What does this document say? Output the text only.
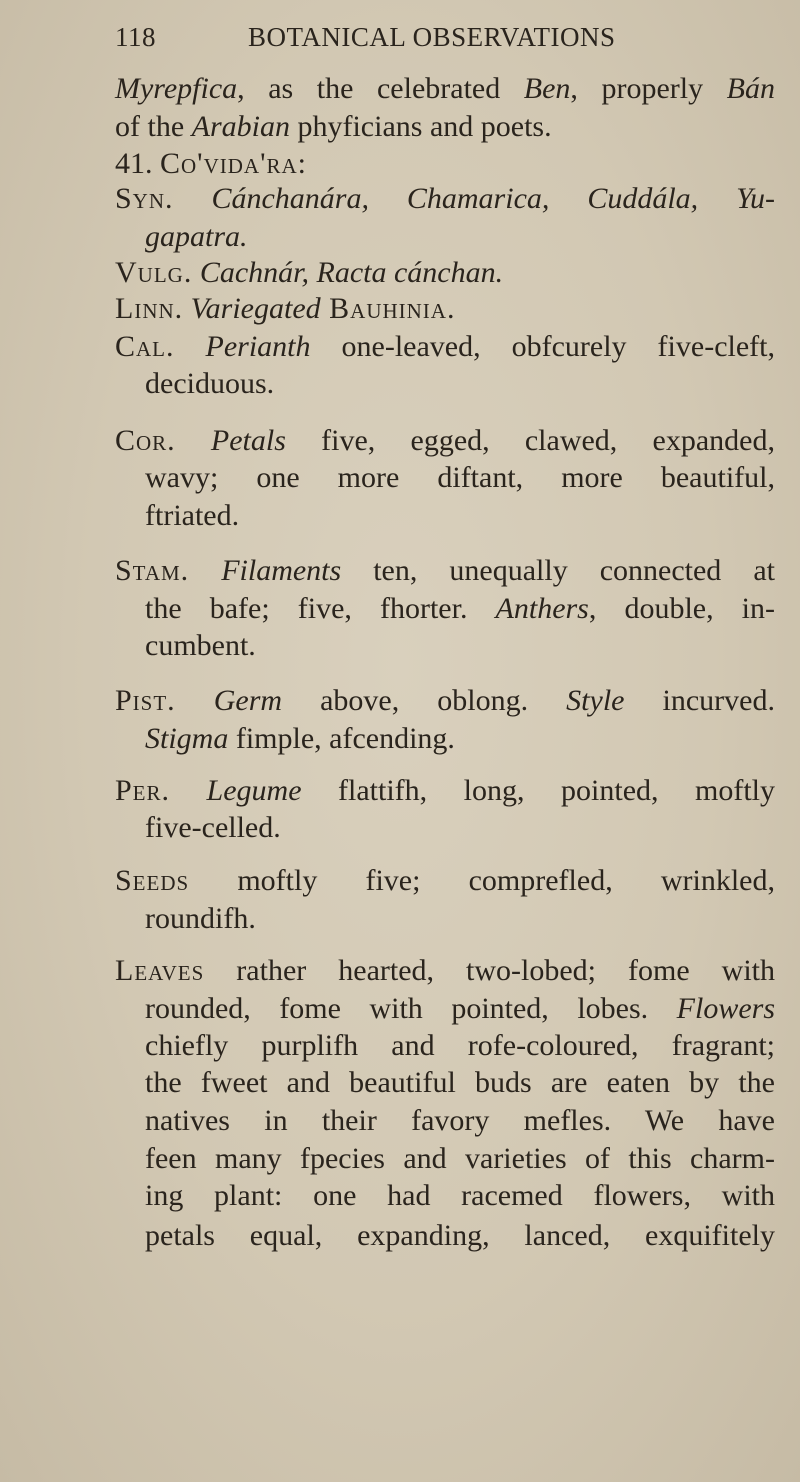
118	BOTANICAL OBSERVATIONS
Myrepfica, as the celebrated Ben, properly Bán
of the Arabian phyficians and poets.
41. Co'vida'ra:
Syn. Cánchanára, Chamarica, Cuddála, Yu-
gapatra.
Vulg. Cachnár, Racta cánchan.
Linn. Variegated Bauhinia.
Cal. Perianth one-leaved, obfcurely five-cleft,
deciduous.
Cor. Petals five, egged, clawed, expanded,
wavy; one more diftant, more beautiful,
ftriated.
Stam. Filaments ten, unequally connected at
the bafe; five, fhorter. Anthers, double, in-
cumbent.
Pist. Germ above, oblong. Style incurved.
Stigma fimple, afcending.
Per. Legume flattifh, long, pointed, moftly
five-celled.
Seeds moftly five; comprefled, wrinkled,
roundifh.
Leaves rather hearted, two-lobed; fome with
rounded, fome with pointed, lobes. Flowers
chiefly purplifh and rofe-coloured, fragrant;
the fweet and beautiful buds are eaten by the
natives in their favory mefles. We have
feen many fpecies and varieties of this charm-
ing plant: one had racemed flowers, with
petals equal, expanding, lanced, exquifitely
